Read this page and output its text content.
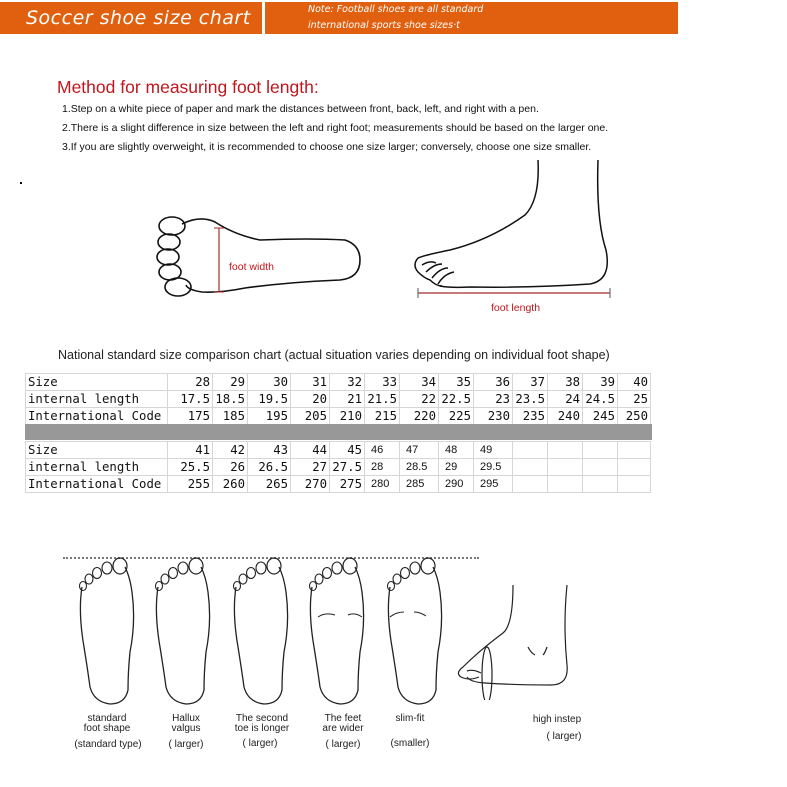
Soccer shoe size chart	Note: Football shoes are all standard
international sports shoe sizes·t
Method for measuring foot length:
1.Step on a white piece of paper and mark the distances between front, back, left, and right with a pen.
2.There is a slight difference in size between the left and right foot; measurements should be based on the larger one.
3.If you are slightly overweight, it is recommended to choose one size larger; conversely, choose one size smaller.
foot width
foot length
National standard size comparison chart (actual situation varies depending on individual foot shape)
Size	28	29	30	31	32	33	34	35	36	37	38	39	40
internal length	17.5	18.5	19.5	20	21	21.5	22	22.5	23	23.5	24	24.5	25
International Code	175	185	195	205	210	215	220	225	230	235	240	245	250
Size	41	42	43	44	45	46	47	48	49				
internal length	25.5	26	26.5	27	27.5	28	28.5	29	29.5				
International Code	255	260	265	270	275	280	285	290	295				
standard
foot shape
(standard type)
Hallux
valgus
( larger)
The second
toe is longer
( larger)
The feet
are wider
( larger)
slim-fit
(smaller)
high instep
( larger)
